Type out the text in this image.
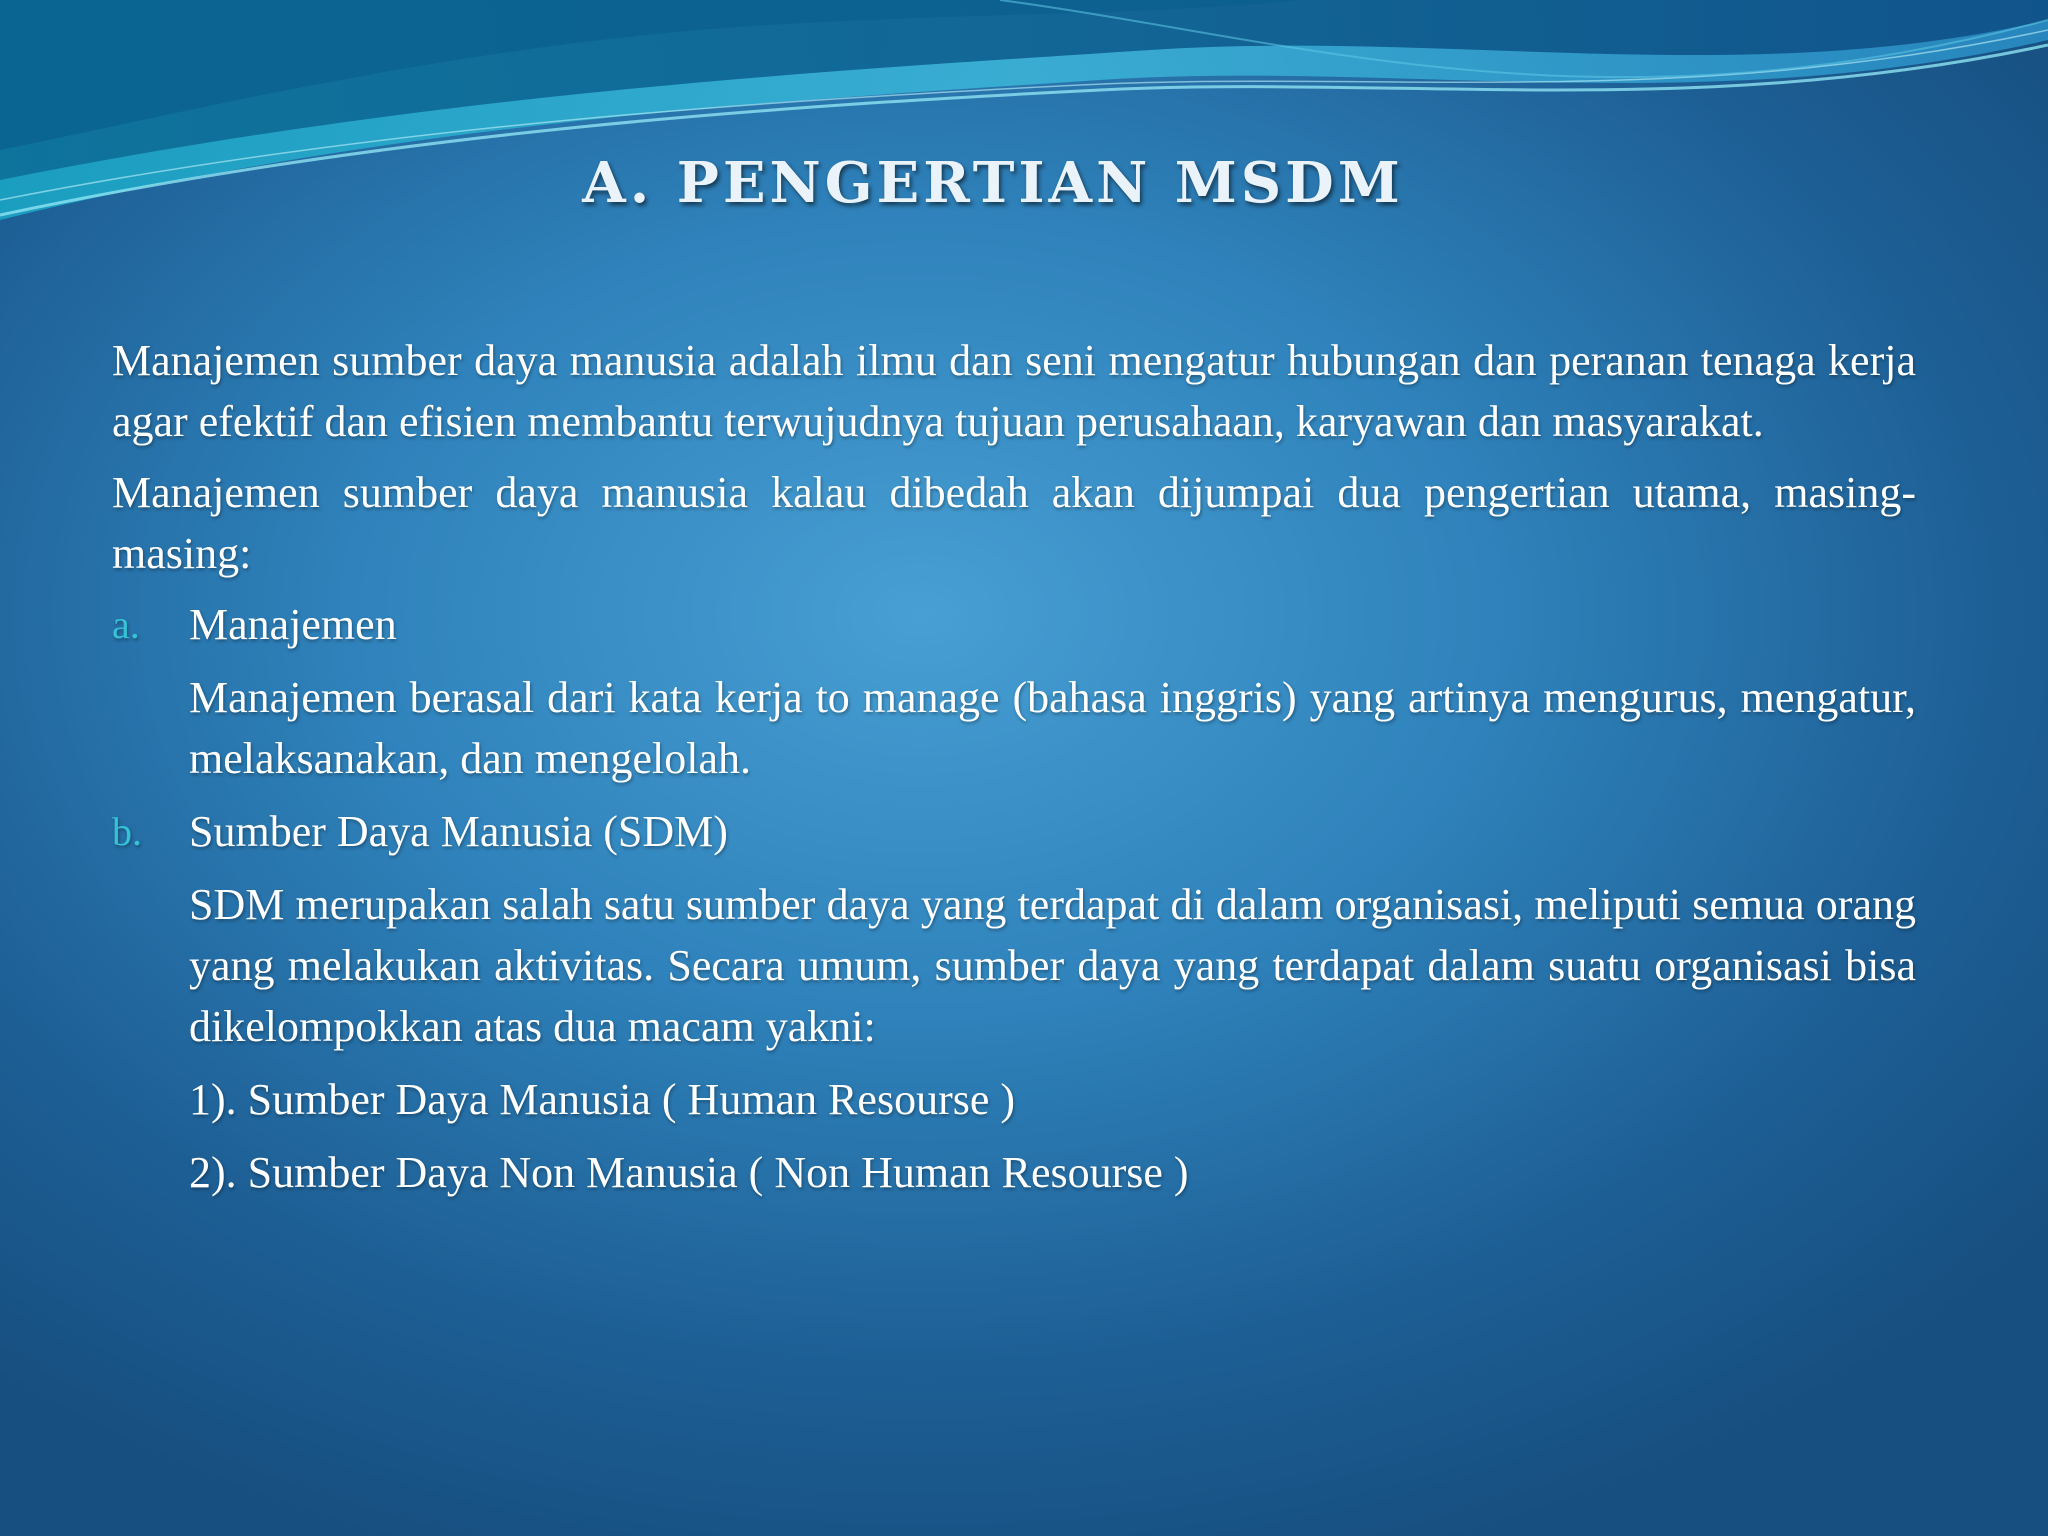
A. PENGERTIAN MSDM

Manajemen sumber daya manusia adalah ilmu dan seni mengatur hubungan dan peranan tenaga kerja agar efektif dan efisien membantu terwujudnya tujuan perusahaan, karyawan dan masyarakat.

Manajemen sumber daya manusia kalau dibedah akan dijumpai dua pengertian utama, masing-masing:

a.	Manajemen
Manajemen berasal dari kata kerja to manage (bahasa inggris) yang artinya mengurus, mengatur, melaksanakan, dan mengelolah.
b.	Sumber Daya Manusia (SDM)
SDM merupakan salah satu sumber daya yang terdapat di dalam organisasi, meliputi semua orang yang melakukan aktivitas. Secara umum, sumber daya yang terdapat dalam suatu organisasi bisa dikelompokkan atas dua macam yakni:
1). Sumber Daya Manusia ( Human Resourse )
2). Sumber Daya Non Manusia ( Non Human Resourse )
